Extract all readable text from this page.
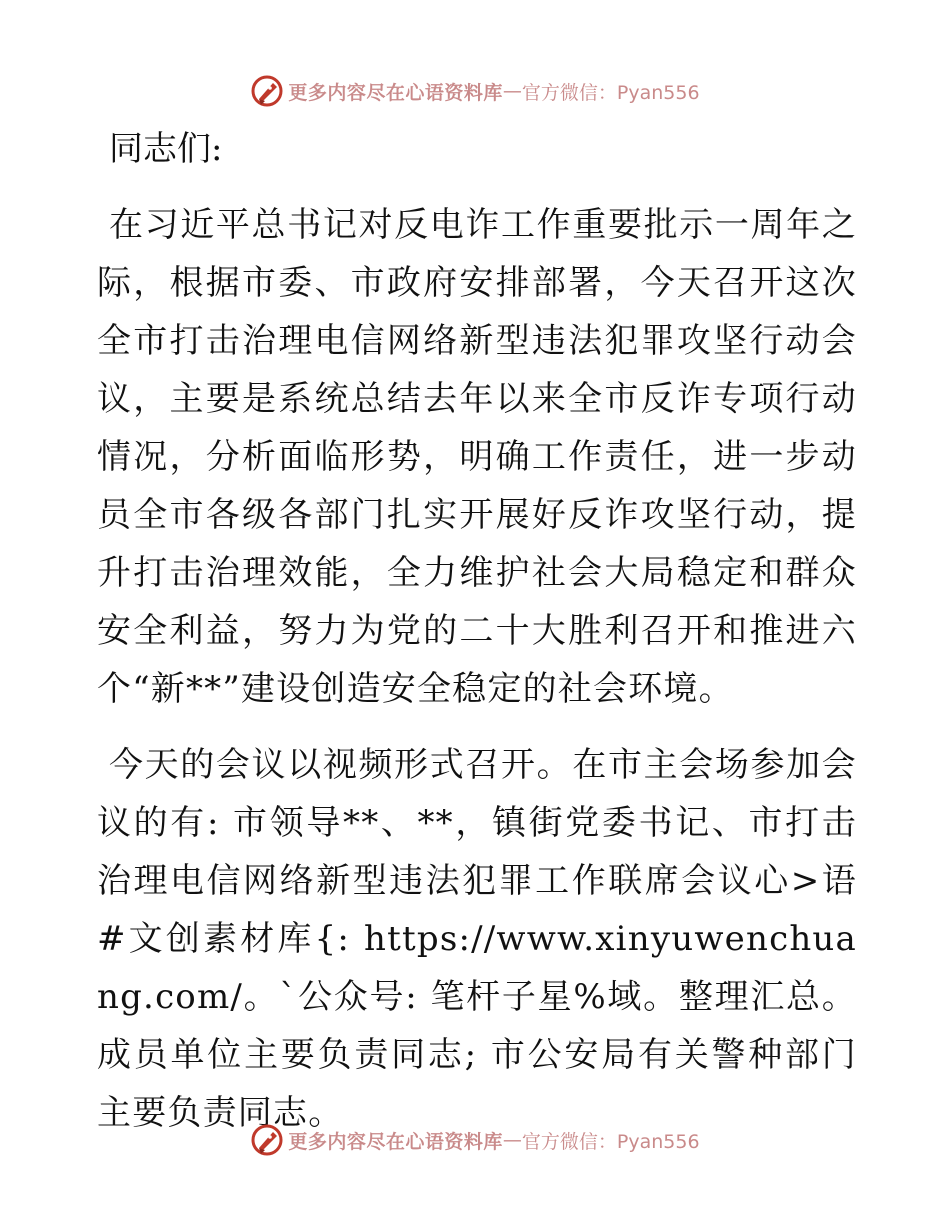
更多内容尽在心语资料库 — 官方微信：Pyan556
同志们:

在习近平总书记对反电诈工作重要批示一周年之际，根据市委、市政府安排部署，今天召开这次全市打击治理电信网络新型违法犯罪攻坚行动会议，主要是系统总结去年以来全市反诈专项行动情况，分析面临形势，明确工作责任，进一步动员全市各级各部门扎实开展好反诈攻坚行动，提升打击治理效能，全力维护社会大局稳定和群众安全利益，努力为党的二十大胜利召开和推进六个“新**”建设创造安全稳定的社会环境。

今天的会议以视频形式召开。在市主会场参加会议的有: 市领导**、**，镇街党委书记、市打击治理电信网络新型违法犯罪工作联席会议心>语#文创素材库{: https://www.xinyuwenchuang.com/。`公众号: 笔杆子星%域。整理汇总。成员单位主要负责同志; 市公安局有关警种部门主要负责同志。

更多内容尽在心语资料库 — 官方微信：Pyan556
